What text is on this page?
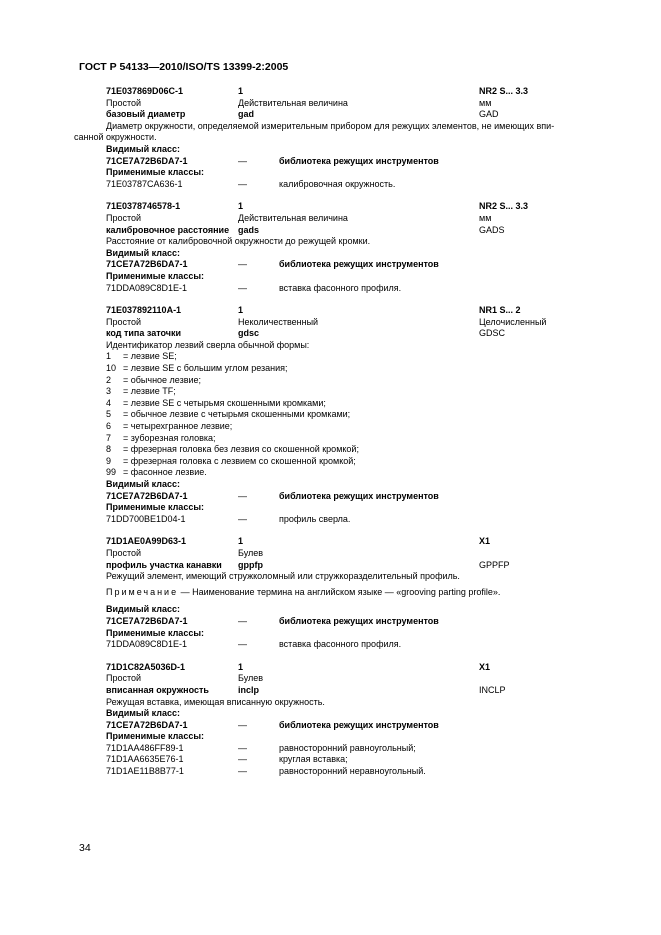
ГОСТ Р 54133—2010/ISO/TS 13399-2:2005
71E037869D06C-1	1	NR2 S... 3.3
Простой	Действительная величина	мм
базовый диаметр	gad	GAD
Диаметр окружности, определяемой измерительным прибором для режущих элементов, не имеющих впи-
санной окружности.
Видимый класс:
71CE7A72B6DA7-1	—	библиотека режущих инструментов
Применимые классы:
71E03787CA636-1	—	калибровочная окружность.
71E0378746578-1	1	NR2 S... 3.3
Простой	Действительная величина	мм
калибровочное расстояние gads	GADS
Расстояние от калибровочной окружности до режущей кромки.
Видимый класс:
71CE7A72B6DA7-1	—	библиотека режущих инструментов
Применимые классы:
71DDA089C8D1E-1	—	вставка фасонного профиля.
71E037892110A-1	1	NR1 S... 2
Простой	Неколичественный	Целочисленный
код типа заточки	gdsc	GDSC
Идентификатор лезвий сверла обычной формы:
1 = лезвие SE;
10 = лезвие SE с большим углом резания;
2 = обычное лезвие;
3 = лезвие TF;
4 = лезвие SE с четырьмя скошенными кромками;
5 = обычное лезвие с четырьмя скошенными кромками;
6 = четырехгранное лезвие;
7 = зуборезная головка;
8 = фрезерная головка без лезвия со скошенной кромкой;
9 = фрезерная головка с лезвием со скошенной кромкой;
99 = фасонное лезвие.
Видимый класс:
71CE7A72B6DA7-1	—	библиотека режущих инструментов
Применимые классы:
71DD700BE1D04-1	—	профиль сверла.
71D1AE0A99D63-1	1	X1
Простой	Булев
профиль участка канавки gppfp	GPPFP
Режущий элемент, имеющий стружколомный или стружкоразделительный профиль.
Примечание — Наименование термина на английском языке — «grooving parting profile».
Видимый класс:
71CE7A72B6DA7-1	—	библиотека режущих инструментов
Применимые классы:
71DDA089C8D1E-1	—	вставка фасонного профиля.
71D1C82A5036D-1	1	X1
Простой	Булев
вписанная окружность	inclp	INCLP
Режущая вставка, имеющая вписанную окружность.
Видимый класс:
71CE7A72B6DA7-1	—	библиотека режущих инструментов
Применимые классы:
71D1AA486FF89-1	—	равносторонний равноугольный;
71D1AA6635E76-1	—	круглая вставка;
71D1AE11B8B77-1	—	равносторонний неравноугольный.
34
